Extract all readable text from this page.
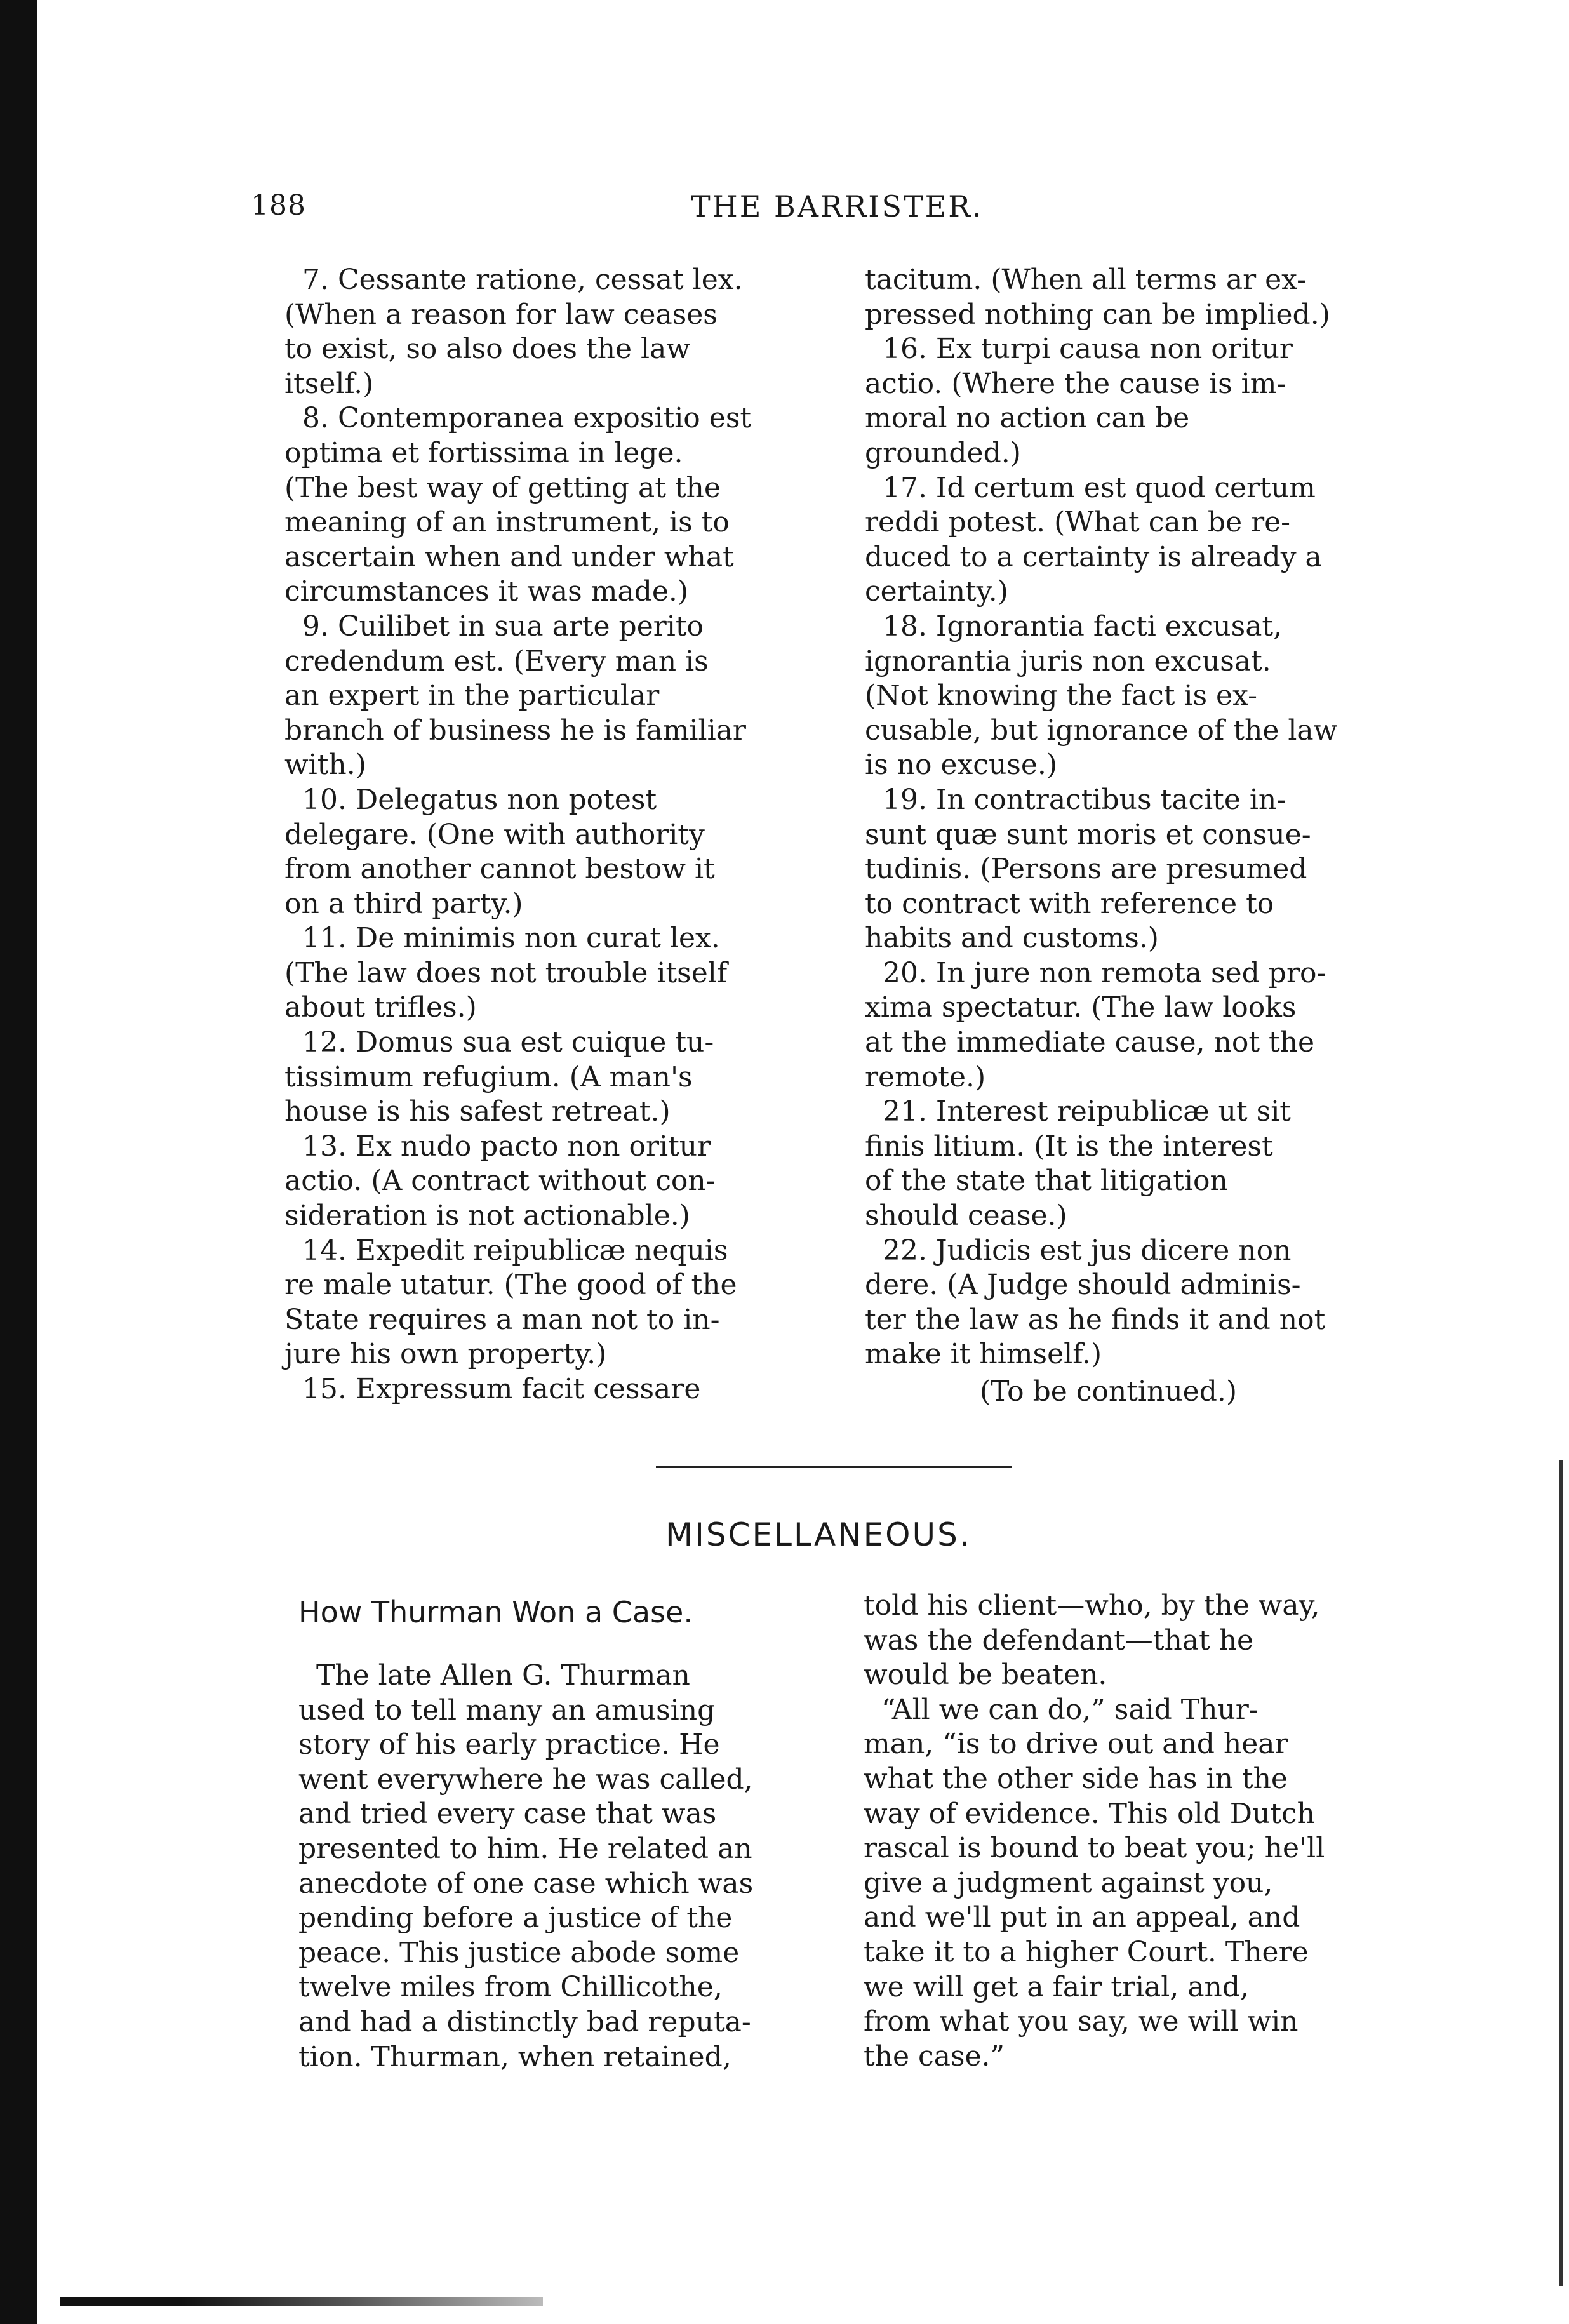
188	THE BARRISTER.

7. Cessante ratione, cessat lex.

(When a reason for law ceases

to exist, so also does the law

itself.)

8. Contemporanea expositio est

optima et fortissima in lege.

(The best way of getting at the

meaning of an instrument, is to

ascertain when and under what

circumstances it was made.)

9. Cuilibet in sua arte perito

credendum est. (Every man is

an expert in the particular

branch of business he is familiar

with.)

10. Delegatus non potest

delegare. (One with authority

from another cannot bestow it

on a third party.)

11. De minimis non curat lex.

(The law does not trouble itself

about trifles.)

12. Domus sua est cuique tu-

tissimum refugium. (A man's

house is his safest retreat.)

13. Ex nudo pacto non oritur

actio. (A contract without con-

sideration is not actionable.)

14. Expedit reipublicæ nequis

re male utatur. (The good of the

State requires a man not to in-

jure his own property.)

15. Expressum facit cessare

tacitum. (When all terms ar ex-

pressed nothing can be implied.)

16. Ex turpi causa non oritur

actio. (Where the cause is im-

moral no action can be

grounded.)

17. Id certum est quod certum

reddi potest. (What can be re-

duced to a certainty is already a

certainty.)

18. Ignorantia facti excusat,

ignorantia juris non excusat.

(Not knowing the fact is ex-

cusable, but ignorance of the law

is no excuse.)

19. In contractibus tacite in-

sunt quæ sunt moris et consue-

tudinis. (Persons are presumed

to contract with reference to

habits and customs.)

20. In jure non remota sed pro-

xima spectatur. (The law looks

at the immediate cause, not the

remote.)

21. Interest reipublicæ ut sit

finis litium. (It is the interest

of the state that litigation

should cease.)

22. Judicis est jus dicere non

dere. (A Judge should adminis-

ter the law as he finds it and not

make it himself.)

(To be continued.)
MISCELLANEOUS.
How Thurman Won a Case.

The late Allen G. Thurman

used to tell many an amusing

story of his early practice. He

went everywhere he was called,

and tried every case that was

presented to him. He related an

anecdote of one case which was

pending before a justice of the

peace. This justice abode some

twelve miles from Chillicothe,

and had a distinctly bad reputa-

tion. Thurman, when retained,

told his client—who, by the way,

was the defendant—that he

would be beaten.

“All we can do,” said Thur-

man, “is to drive out and hear

what the other side has in the

way of evidence. This old Dutch

rascal is bound to beat you; he'll

give a judgment against you,

and we'll put in an appeal, and

take it to a higher Court. There

we will get a fair trial, and,

from what you say, we will win

the case.”
